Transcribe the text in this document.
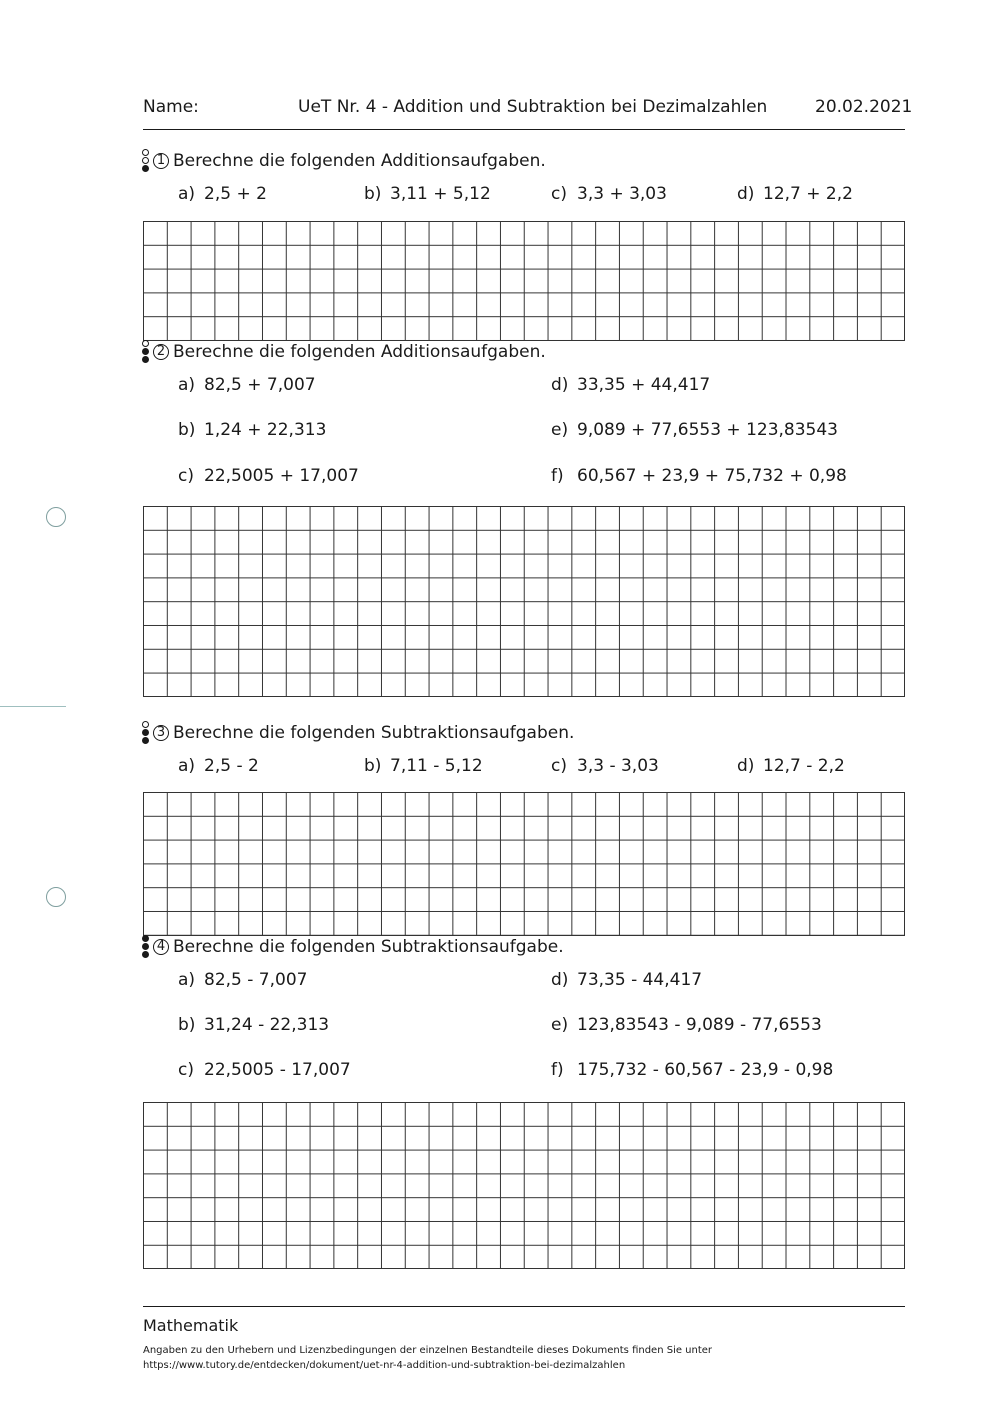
Name:	UeT Nr. 4 - Addition und Subtraktion bei Dezimalzahlen	20.02.2021
1 Berechne die folgenden Additionsaufgaben.
a) 2,5 + 2	b) 3,11 + 5,12	c) 3,3 + 3,03	d) 12,7 + 2,2
2 Berechne die folgenden Additionsaufgaben.
a) 82,5 + 7,007
b) 1,24 + 22,313
c) 22,5005 + 17,007
d) 33,35 + 44,417
e) 9,089 + 77,6553 + 123,83543
f) 60,567 + 23,9 + 75,732 + 0,98
3 Berechne die folgenden Subtraktionsaufgaben.
a) 2,5 - 2	b) 7,11 - 5,12	c) 3,3 - 3,03	d) 12,7 - 2,2
4 Berechne die folgenden Subtraktionsaufgabe.
a) 82,5 - 7,007
b) 31,24 - 22,313
c) 22,5005 - 17,007
d) 73,35 - 44,417
e) 123,83543 - 9,089 - 77,6553
f) 175,732 - 60,567 - 23,9 - 0,98
Mathematik
Angaben zu den Urhebern und Lizenzbedingungen der einzelnen Bestandteile dieses Dokuments finden Sie unter
https://www.tutory.de/entdecken/dokument/uet-nr-4-addition-und-subtraktion-bei-dezimalzahlen
